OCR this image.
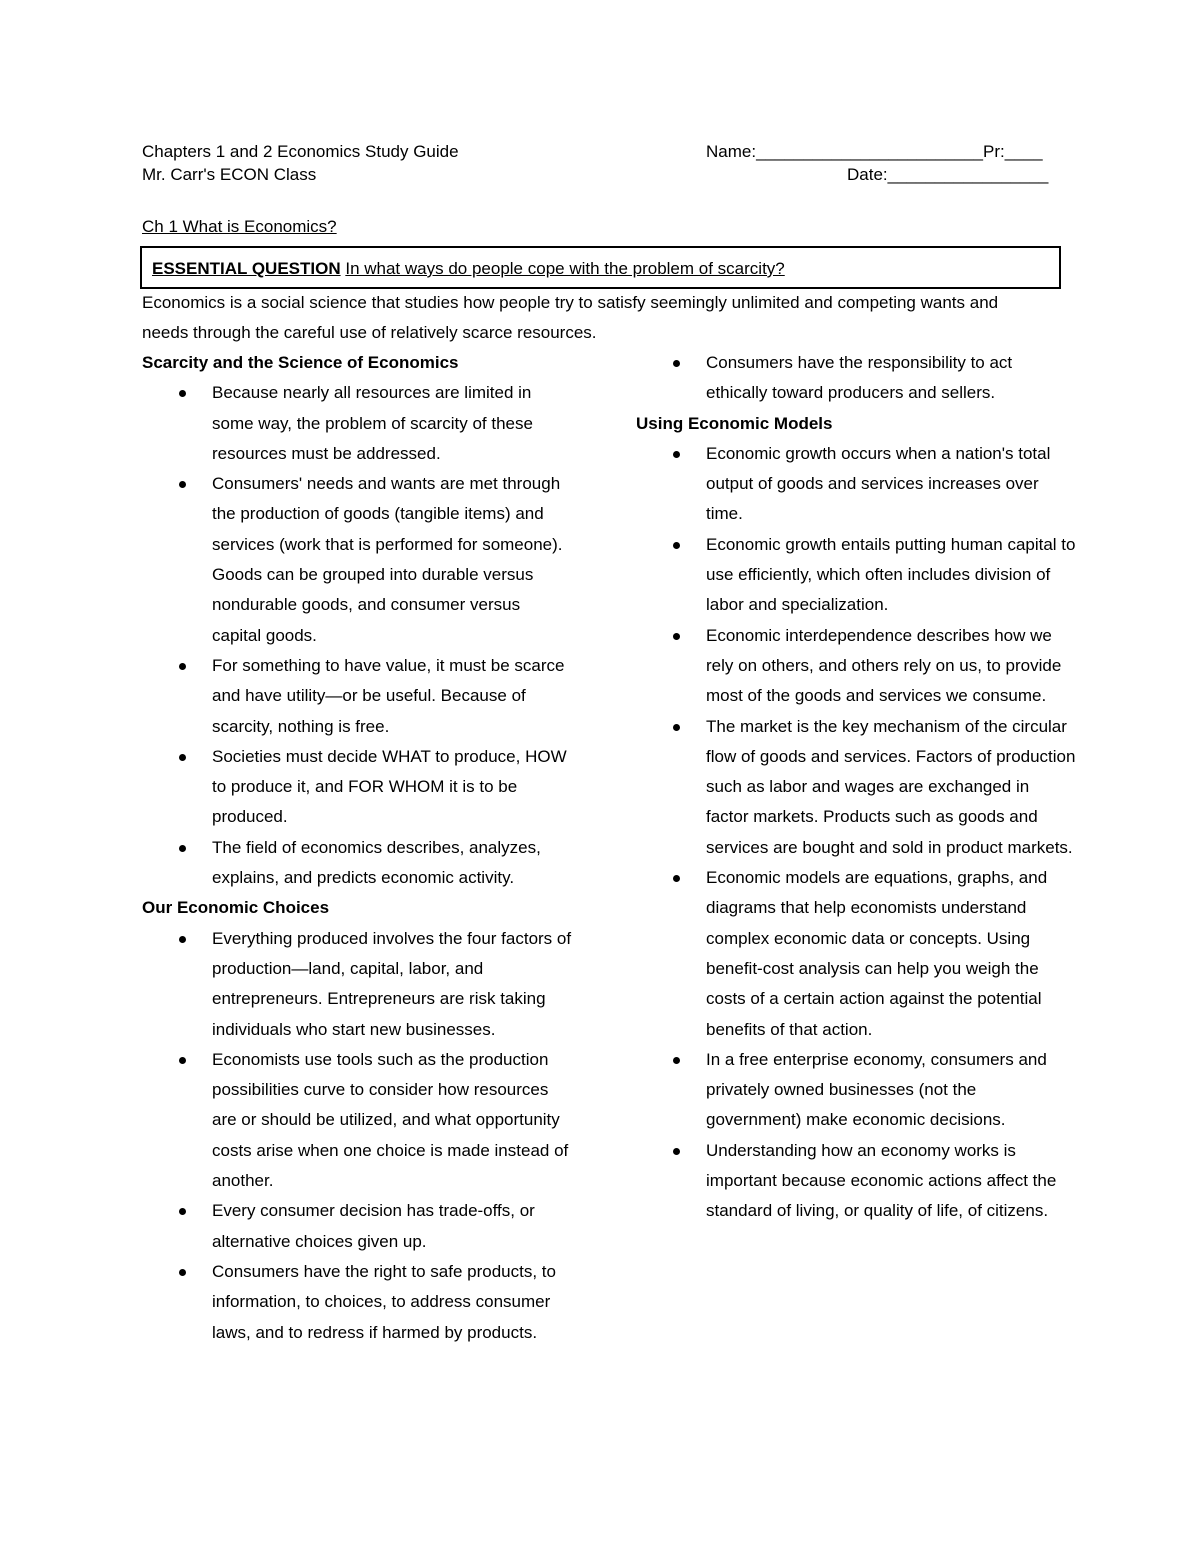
Chapters 1 and 2 Economics Study Guide
Mr. Carr's ECON Class
Name:________________________Pr:____
Date:_________________
Ch 1 What is Economics?
ESSENTIAL QUESTION In what ways do people cope with the problem of scarcity?
Economics is a social science that studies how people try to satisfy seemingly unlimited and competing wants and needs through the careful use of relatively scarce resources.
Scarcity and the Science of Economics
Because nearly all resources are limited in some way, the problem of scarcity of these resources must be addressed.
Consumers' needs and wants are met through the production of goods (tangible items) and services (work that is performed for someone). Goods can be grouped into durable versus nondurable goods, and consumer versus capital goods.
For something to have value, it must be scarce and have utility—or be useful. Because of scarcity, nothing is free.
Societies must decide WHAT to produce, HOW to produce it, and FOR WHOM it is to be produced.
The field of economics describes, analyzes, explains, and predicts economic activity.
Our Economic Choices
Everything produced involves the four factors of production—land, capital, labor, and entrepreneurs. Entrepreneurs are risk taking individuals who start new businesses.
Economists use tools such as the production possibilities curve to consider how resources are or should be utilized, and what opportunity costs arise when one choice is made instead of another.
Every consumer decision has trade-offs, or alternative choices given up.
Consumers have the right to safe products, to information, to choices, to address consumer laws, and to redress if harmed by products.
Consumers have the responsibility to act ethically toward producers and sellers.
Using Economic Models
Economic growth occurs when a nation's total output of goods and services increases over time.
Economic growth entails putting human capital to use efficiently, which often includes division of labor and specialization.
Economic interdependence describes how we rely on others, and others rely on us, to provide most of the goods and services we consume.
The market is the key mechanism of the circular flow of goods and services. Factors of production such as labor and wages are exchanged in factor markets. Products such as goods and services are bought and sold in product markets.
Economic models are equations, graphs, and diagrams that help economists understand complex economic data or concepts. Using benefit-cost analysis can help you weigh the costs of a certain action against the potential benefits of that action.
In a free enterprise economy, consumers and privately owned businesses (not the government) make economic decisions.
Understanding how an economy works is important because economic actions affect the standard of living, or quality of life, of citizens.
